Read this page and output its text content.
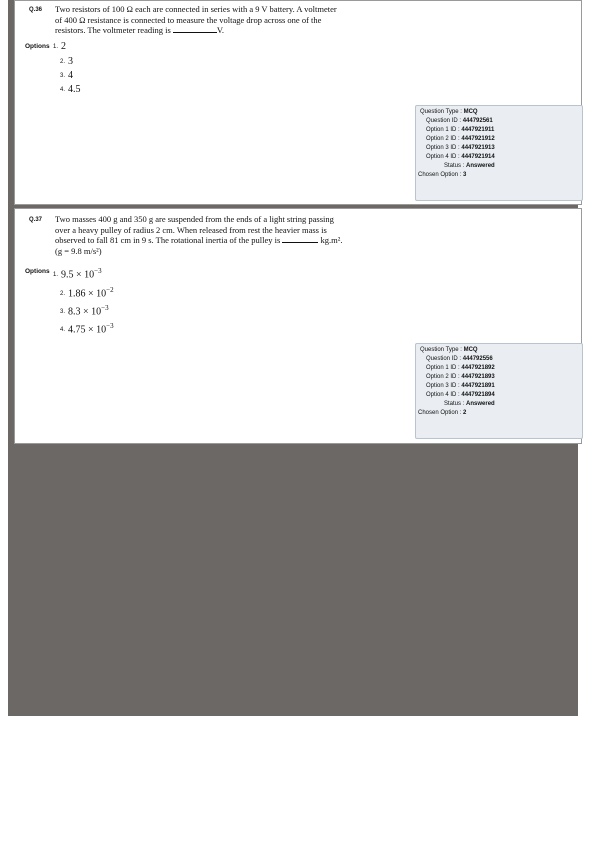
Q.36 Two resistors of 100 Ω each are connected in series with a 9 V battery. A voltmeter
of 400 Ω resistance is connected to measure the voltage drop across one of the
resistors. The voltmeter reading is	V.
Options 1. 2
2. 3
3. 4
4. 4.5
Question Type : MCQ
Question ID : 444792561
Option 1 ID : 4447921911
Option 2 ID : 4447921912
Option 3 ID : 4447921913
Option 4 ID : 4447921914
Status : Answered
Chosen Option : 3
Q.37 Two masses 400 g and 350 g are suspended from the ends of a light string passing
over a heavy pulley of radius 2 cm. When released from rest the heavier mass is
observed to fall 81 cm in 9 s. The rotational inertia of the pulley is	kg.m².
(g = 9.8 m/s²)
Options
1. $9.5 \times 10^{-3}$
2. $1.86 \times 10^{-2}$
3. $8.3 \times 10^{-3}$
4. $4.75 \times 10^{-3}$
Question Type : MCQ
Question ID : 444792556
Option 1 ID : 4447921892
Option 2 ID : 4447921893
Option 3 ID : 4447921891
Option 4 ID : 4447921894
Status : Answered
Chosen Option : 2
